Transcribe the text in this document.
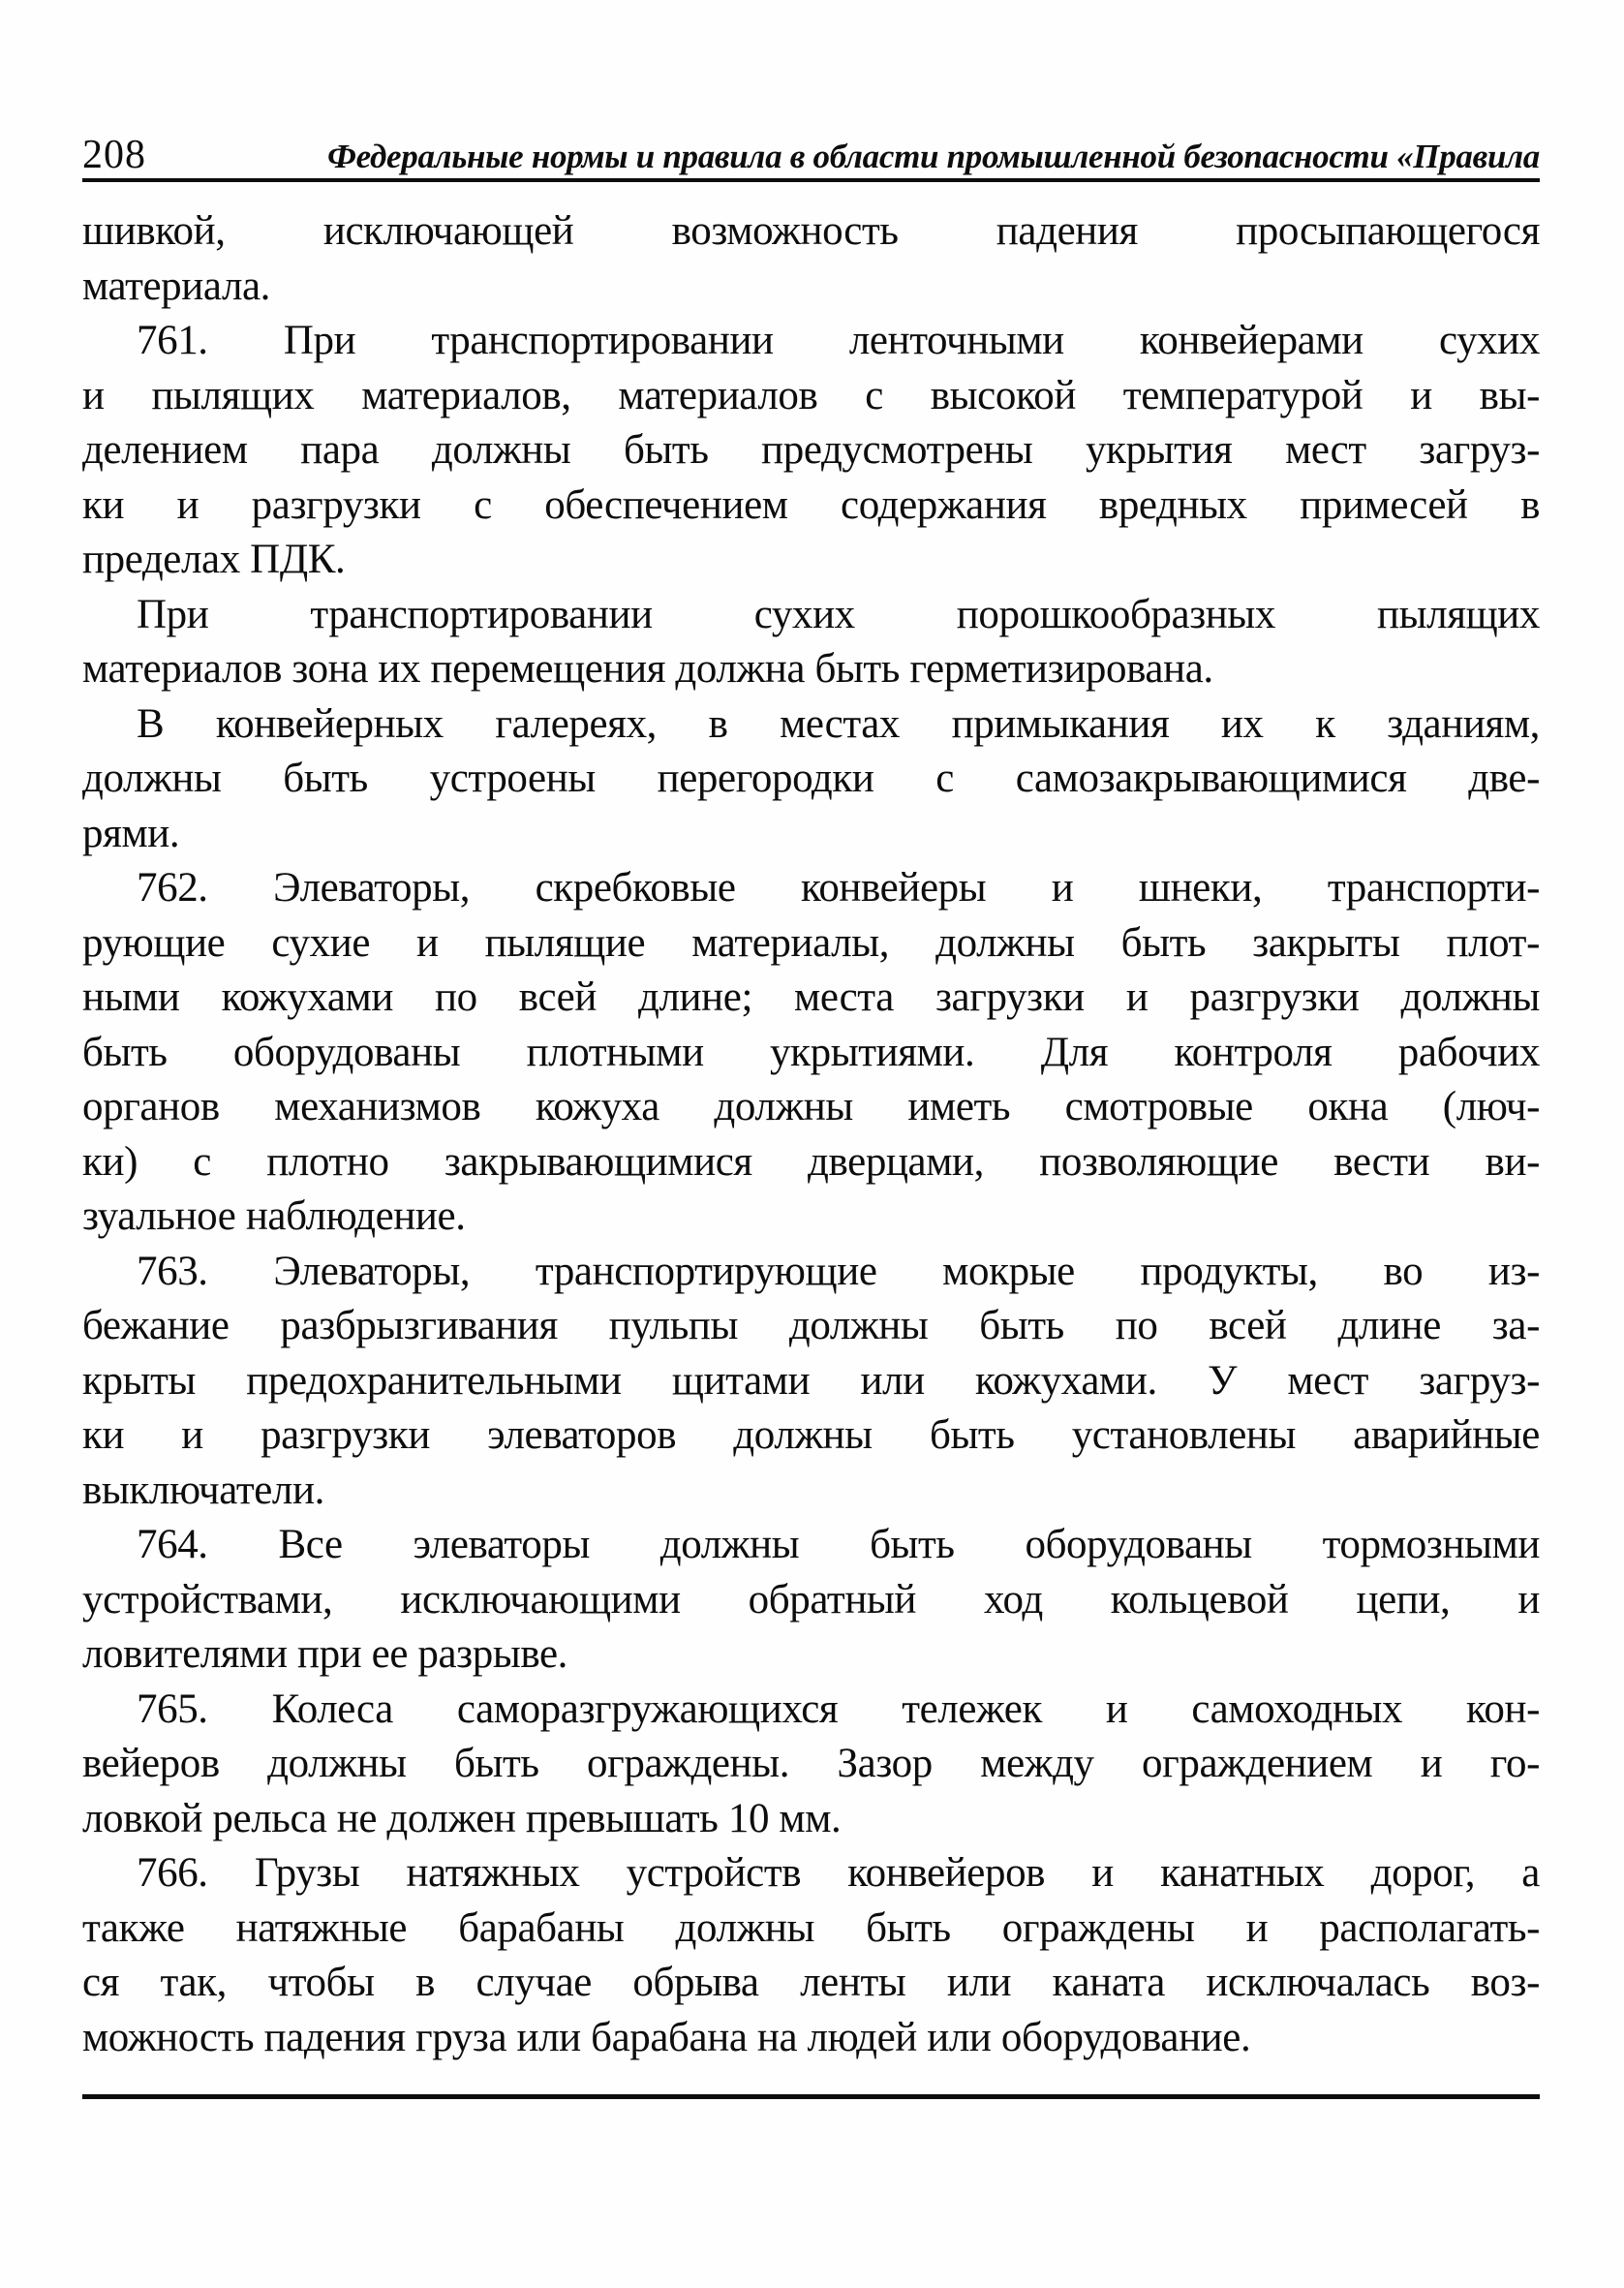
208	Федеральные нормы и правила в области промышленной безопасности «Правила
шивкой, исключающей возможность падения просыпающегося
материала.
761. При транспортировании ленточными конвейерами сухих
и пылящих материалов, материалов с высокой температурой и вы-
делением пара должны быть предусмотрены укрытия мест загруз-
ки и разгрузки с обеспечением содержания вредных примесей в
пределах ПДК.
При транспортировании сухих порошкообразных пылящих
материалов зона их перемещения должна быть герметизирована.
В конвейерных галереях, в местах примыкания их к зданиям,
должны быть устроены перегородки с самозакрывающимися две-
рями.
762. Элеваторы, скребковые конвейеры и шнеки, транспорти-
рующие сухие и пылящие материалы, должны быть закрыты плот-
ными кожухами по всей длине; места загрузки и разгрузки должны
быть оборудованы плотными укрытиями. Для контроля рабочих
органов механизмов кожуха должны иметь смотровые окна (люч-
ки) с плотно закрывающимися дверцами, позволяющие вести ви-
зуальное наблюдение.
763. Элеваторы, транспортирующие мокрые продукты, во из-
бежание разбрызгивания пульпы должны быть по всей длине за-
крыты предохранительными щитами или кожухами. У мест загруз-
ки и разгрузки элеваторов должны быть установлены аварийные
выключатели.
764. Все элеваторы должны быть оборудованы тормозными
устройствами, исключающими обратный ход кольцевой цепи, и
ловителями при ее разрыве.
765. Колеса саморазгружающихся тележек и самоходных кон-
вейеров должны быть ограждены. Зазор между ограждением и го-
ловкой рельса не должен превышать 10 мм.
766. Грузы натяжных устройств конвейеров и канатных дорог, а
также натяжные барабаны должны быть ограждены и располагать-
ся так, чтобы в случае обрыва ленты или каната исключалась воз-
можность падения груза или барабана на людей или оборудование.
